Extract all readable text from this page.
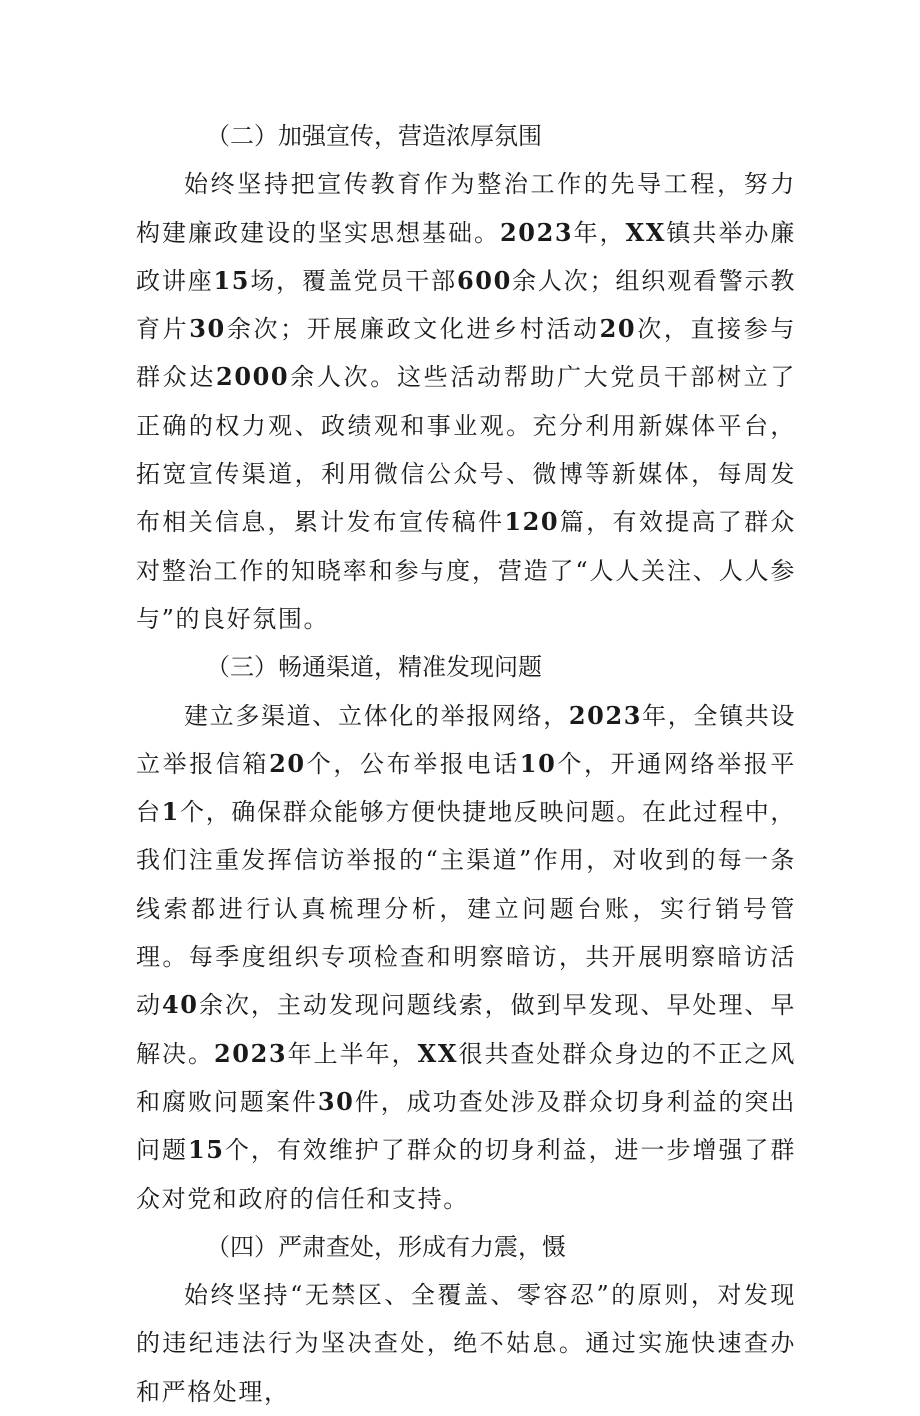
（二）加强宣传，营造浓厚氛围

始终坚持把宣传教育作为整治工作的先导工程，努力构建廉政建设的坚实思想基础。2023年，XX镇共举办廉政讲座15场，覆盖党员干部600余人次；组织观看警示教育片30余次；开展廉政文化进乡村活动20次，直接参与群众达2000余人次。这些活动帮助广大党员干部树立了正确的权力观、政绩观和事业观。充分利用新媒体平台，拓宽宣传渠道，利用微信公众号、微博等新媒体，每周发布相关信息，累计发布宣传稿件120篇，有效提高了群众对整治工作的知晓率和参与度，营造了“人人关注、人人参与”的良好氛围。

（三）畅通渠道，精准发现问题

建立多渠道、立体化的举报网络，2023年，全镇共设立举报信箱20个，公布举报电话10个，开通网络举报平台1个，确保群众能够方便快捷地反映问题。在此过程中，我们注重发挥信访举报的“主渠道”作用，对收到的每一条线索都进行认真梳理分析，建立问题台账，实行销号管理。每季度组织专项检查和明察暗访，共开展明察暗访活动40余次，主动发现问题线索，做到早发现、早处理、早解决。2023年上半年，XX很共查处群众身边的不正之风和腐败问题案件30件，成功查处涉及群众切身利益的突出问题15个，有效维护了群众的切身利益，进一步增强了群众对党和政府的信任和支持。

（四）严肃查处，形成有力震，慑

始终坚持“无禁区、全覆盖、零容忍”的原则，对发现的违纪违法行为坚决查处，绝不姑息。通过实施快速查办和严格处理，
